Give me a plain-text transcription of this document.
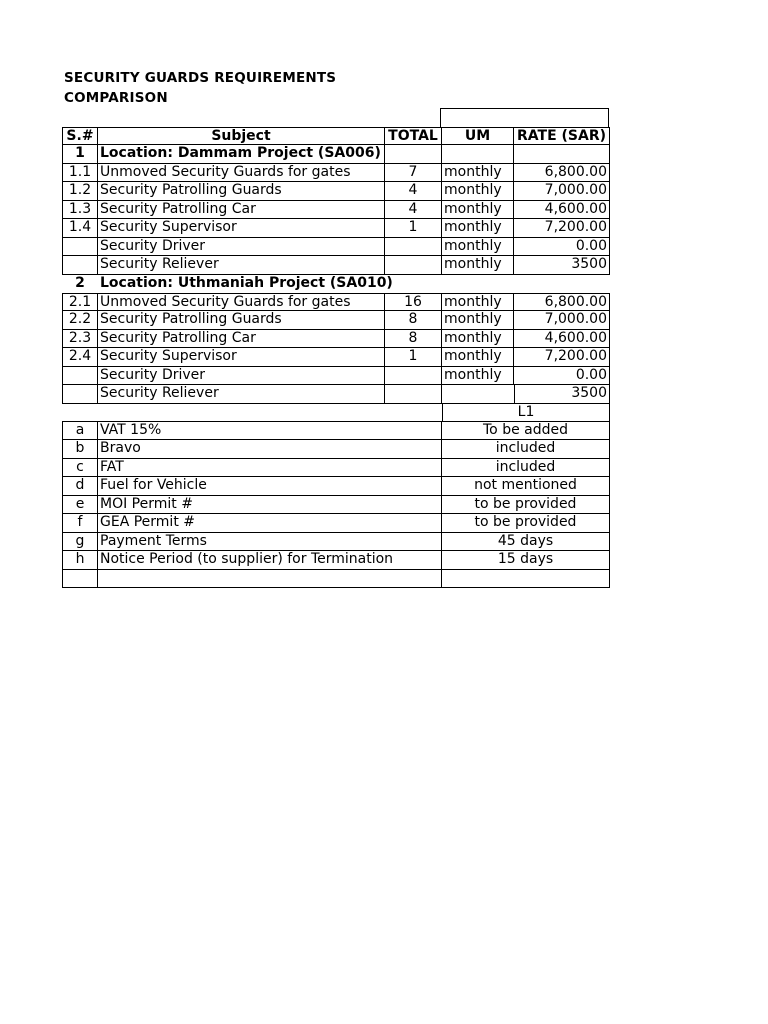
SECURITY GUARDS REQUIREMENTS
COMPARISON
S.#	Subject	TOTAL	UM	RATE (SAR)
1	Location: Dammam Project (SA006)
1.1 Unmoved Security Guards for gates	7	monthly	6,800.00
1.2 Security Patrolling Guards	4	monthly	7,000.00
1.3 Security Patrolling Car	4	monthly	4,600.00
1.4 Security Supervisor	1	monthly	7,200.00
Security Driver	monthly	0.00
Security Reliever	monthly	3500
2	Location: Uthmaniah Project (SA010)
2.1 Unmoved Security Guards for gates	16	monthly	6,800.00
2.2 Security Patrolling Guards	8	monthly	7,000.00
2.3 Security Patrolling Car	8	monthly	4,600.00
2.4 Security Supervisor	1	monthly	7,200.00
Security Driver	monthly	0.00
Security Reliever	3500
L1
a	VAT 15%	To be added
b	Bravo	included
c	FAT	included
d	Fuel for Vehicle	not mentioned
e	MOI Permit #	to be provided
f	GEA Permit #	to be provided
g	Payment Terms	45 days
h	Notice Period (to supplier) for Termination	15 days
